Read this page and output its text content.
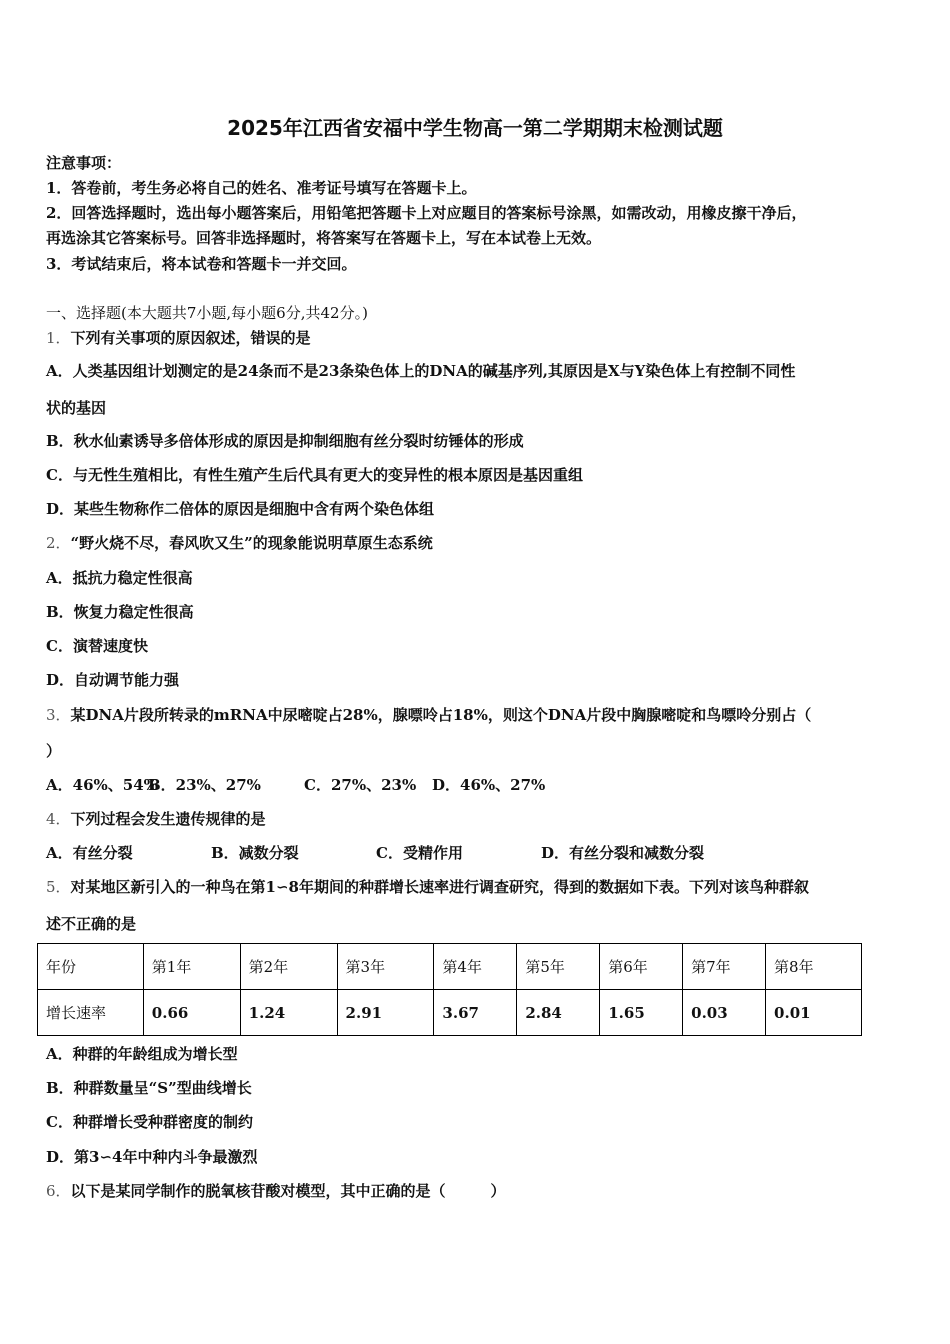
2025年江西省安福中学生物高一第二学期期末检测试题
注意事项：
1．答卷前，考生务必将自己的姓名、准考证号填写在答题卡上。
2．回答选择题时，选出每小题答案后，用铅笔把答题卡上对应题目的答案标号涂黑，如需改动，用橡皮擦干净后，
再选涂其它答案标号。回答非选择题时，将答案写在答题卡上，写在本试卷上无效。
3．考试结束后，将本试卷和答题卡一并交回。
一、选择题(本大题共7小题,每小题6分,共42分。)
1．下列有关事项的原因叙述，错误的是
A．人类基因组计划测定的是24条而不是23条染色体上的DNA的碱基序列,其原因是X与Y染色体上有控制不同性
状的基因
B．秋水仙素诱导多倍体形成的原因是抑制细胞有丝分裂时纺锤体的形成
C．与无性生殖相比，有性生殖产生后代具有更大的变异性的根本原因是基因重组
D．某些生物称作二倍体的原因是细胞中含有两个染色体组
2．“野火烧不尽，春风吹又生”的现象能说明草原生态系统
A．抵抗力稳定性很高
B．恢复力稳定性很高
C．演替速度快
D．自动调节能力强
3．某DNA片段所转录的mRNA中尿嘧啶占28%，腺嘌呤占18%，则这个DNA片段中胸腺嘧啶和鸟嘌呤分别占（
）
A．46%、54%
B．23%、27%	C．27%、23% D．46%、27%
4．下列过程会发生遗传规律的是
A．有丝分裂	B．减数分裂	C．受精作用	D．有丝分裂和减数分裂
5．对某地区新引入的一种鸟在第1∽8年期间的种群增长速率进行调查研究，得到的数据如下表。下列对该鸟种群叙
述不正确的是
年份	第1年	第2年	第3年	第4年	第5年	第6年	第7年	第8年
增长速率	0.66	1.24	2.91	3.67	2.84	1.65	0.03	0.01
A．种群的年龄组成为增长型
B．种群数量呈“S”型曲线增长
C．种群增长受种群密度的制约
D．第3∽4年中种内斗争最激烈
6．以下是某同学制作的脱氧核苷酸对模型，其中正确的是（　　　）
